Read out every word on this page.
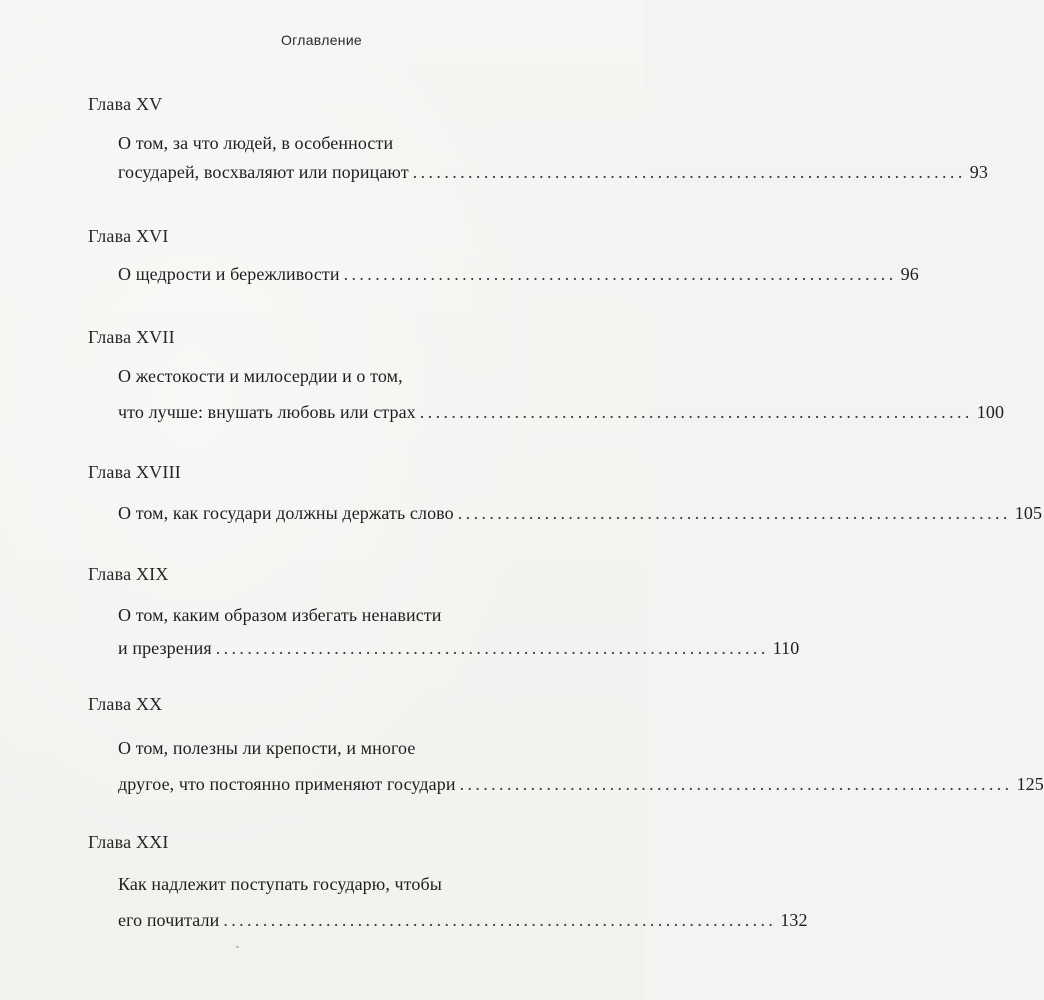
Оглавление
Глава XV
О том, за что людей, в особенности
государей, восхваляют или порицают ...................................................................... 93
Глава XVI
О щедрости и бережливости ...................................................................... 96
Глава XVII
О жестокости и милосердии и о том,
что лучше: внушать любовь или страх ...................................................................... 100
Глава XVIII
О том, как государи должны держать слово ...................................................................... 105
Глава XIX
О том, каким образом избегать ненависти
и презрения ...................................................................... 110
Глава XX
О том, полезны ли крепости, и многое
другое, что постоянно применяют государи ...................................................................... 125
Глава XXI
Как надлежит поступать государю, чтобы
его почитали ...................................................................... 132
